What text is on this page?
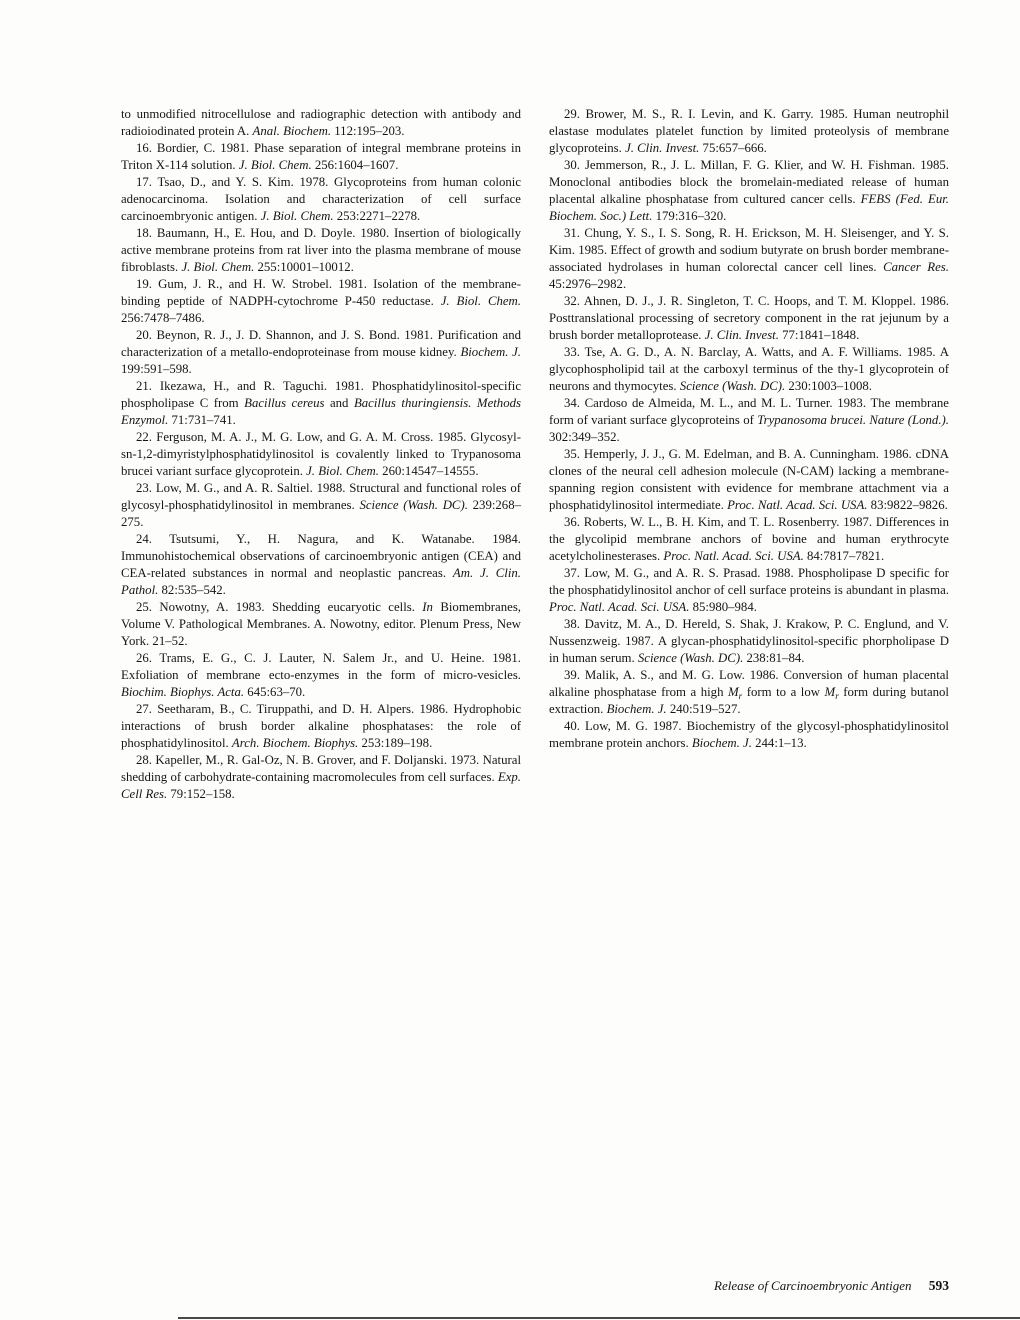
to unmodified nitrocellulose and radiographic detection with antibody and radioiodinated protein A. Anal. Biochem. 112:195–203.

16. Bordier, C. 1981. Phase separation of integral membrane proteins in Triton X-114 solution. J. Biol. Chem. 256:1604–1607.

17. Tsao, D., and Y. S. Kim. 1978. Glycoproteins from human colonic adenocarcinoma. Isolation and characterization of cell surface carcinoembryonic antigen. J. Biol. Chem. 253:2271–2278.

18. Baumann, H., E. Hou, and D. Doyle. 1980. Insertion of biologically active membrane proteins from rat liver into the plasma membrane of mouse fibroblasts. J. Biol. Chem. 255:10001–10012.

19. Gum, J. R., and H. W. Strobel. 1981. Isolation of the membrane-binding peptide of NADPH-cytochrome P-450 reductase. J. Biol. Chem. 256:7478–7486.

20. Beynon, R. J., J. D. Shannon, and J. S. Bond. 1981. Purification and characterization of a metallo-endoproteinase from mouse kidney. Biochem. J. 199:591–598.

21. Ikezawa, H., and R. Taguchi. 1981. Phosphatidylinositol-specific phospholipase C from Bacillus cereus and Bacillus thuringiensis. Methods Enzymol. 71:731–741.

22. Ferguson, M. A. J., M. G. Low, and G. A. M. Cross. 1985. Glycosyl-sn-1,2-dimyristylphosphatidylinositol is covalently linked to Trypanosoma brucei variant surface glycoprotein. J. Biol. Chem. 260:14547–14555.

23. Low, M. G., and A. R. Saltiel. 1988. Structural and functional roles of glycosyl-phosphatidylinositol in membranes. Science (Wash. DC). 239:268–275.

24. Tsutsumi, Y., H. Nagura, and K. Watanabe. 1984. Immunohistochemical observations of carcinoembryonic antigen (CEA) and CEA-related substances in normal and neoplastic pancreas. Am. J. Clin. Pathol. 82:535–542.

25. Nowotny, A. 1983. Shedding eucaryotic cells. In Biomembranes, Volume V. Pathological Membranes. A. Nowotny, editor. Plenum Press, New York. 21–52.

26. Trams, E. G., C. J. Lauter, N. Salem Jr., and U. Heine. 1981. Exfoliation of membrane ecto-enzymes in the form of micro-vesicles. Biochim. Biophys. Acta. 645:63–70.

27. Seetharam, B., C. Tiruppathi, and D. H. Alpers. 1986. Hydrophobic interactions of brush border alkaline phosphatases: the role of phosphatidylinositol. Arch. Biochem. Biophys. 253:189–198.

28. Kapeller, M., R. Gal-Oz, N. B. Grover, and F. Doljanski. 1973. Natural shedding of carbohydrate-containing macromolecules from cell surfaces. Exp. Cell Res. 79:152–158.

29. Brower, M. S., R. I. Levin, and K. Garry. 1985. Human neutrophil elastase modulates platelet function by limited proteolysis of membrane glycoproteins. J. Clin. Invest. 75:657–666.

30. Jemmerson, R., J. L. Millan, F. G. Klier, and W. H. Fishman. 1985. Monoclonal antibodies block the bromelain-mediated release of human placental alkaline phosphatase from cultured cancer cells. FEBS (Fed. Eur. Biochem. Soc.) Lett. 179:316–320.

31. Chung, Y. S., I. S. Song, R. H. Erickson, M. H. Sleisenger, and Y. S. Kim. 1985. Effect of growth and sodium butyrate on brush border membrane-associated hydrolases in human colorectal cancer cell lines. Cancer Res. 45:2976–2982.

32. Ahnen, D. J., J. R. Singleton, T. C. Hoops, and T. M. Kloppel. 1986. Posttranslational processing of secretory component in the rat jejunum by a brush border metalloprotease. J. Clin. Invest. 77:1841–1848.

33. Tse, A. G. D., A. N. Barclay, A. Watts, and A. F. Williams. 1985. A glycophospholipid tail at the carboxyl terminus of the thy-1 glycoprotein of neurons and thymocytes. Science (Wash. DC). 230:1003–1008.

34. Cardoso de Almeida, M. L., and M. L. Turner. 1983. The membrane form of variant surface glycoproteins of Trypanosoma brucei. Nature (Lond.). 302:349–352.

35. Hemperly, J. J., G. M. Edelman, and B. A. Cunningham. 1986. cDNA clones of the neural cell adhesion molecule (N-CAM) lacking a membrane-spanning region consistent with evidence for membrane attachment via a phosphatidylinositol intermediate. Proc. Natl. Acad. Sci. USA. 83:9822–9826.

36. Roberts, W. L., B. H. Kim, and T. L. Rosenberry. 1987. Differences in the glycolipid membrane anchors of bovine and human erythrocyte acetylcholinesterases. Proc. Natl. Acad. Sci. USA. 84:7817–7821.

37. Low, M. G., and A. R. S. Prasad. 1988. Phospholipase D specific for the phosphatidylinositol anchor of cell surface proteins is abundant in plasma. Proc. Natl. Acad. Sci. USA. 85:980–984.

38. Davitz, M. A., D. Hereld, S. Shak, J. Krakow, P. C. Englund, and V. Nussenzweig. 1987. A glycan-phosphatidylinositol-specific phorpholipase D in human serum. Science (Wash. DC). 238:81–84.

39. Malik, A. S., and M. G. Low. 1986. Conversion of human placental alkaline phosphatase from a high $M_r$ form to a low $M_r$ form during butanol extraction. Biochem. J. 240:519–527.

40. Low, M. G. 1987. Biochemistry of the glycosyl-phosphatidylinositol membrane protein anchors. Biochem. J. 244:1–13.

Release of Carcinoembryonic Antigen 593
